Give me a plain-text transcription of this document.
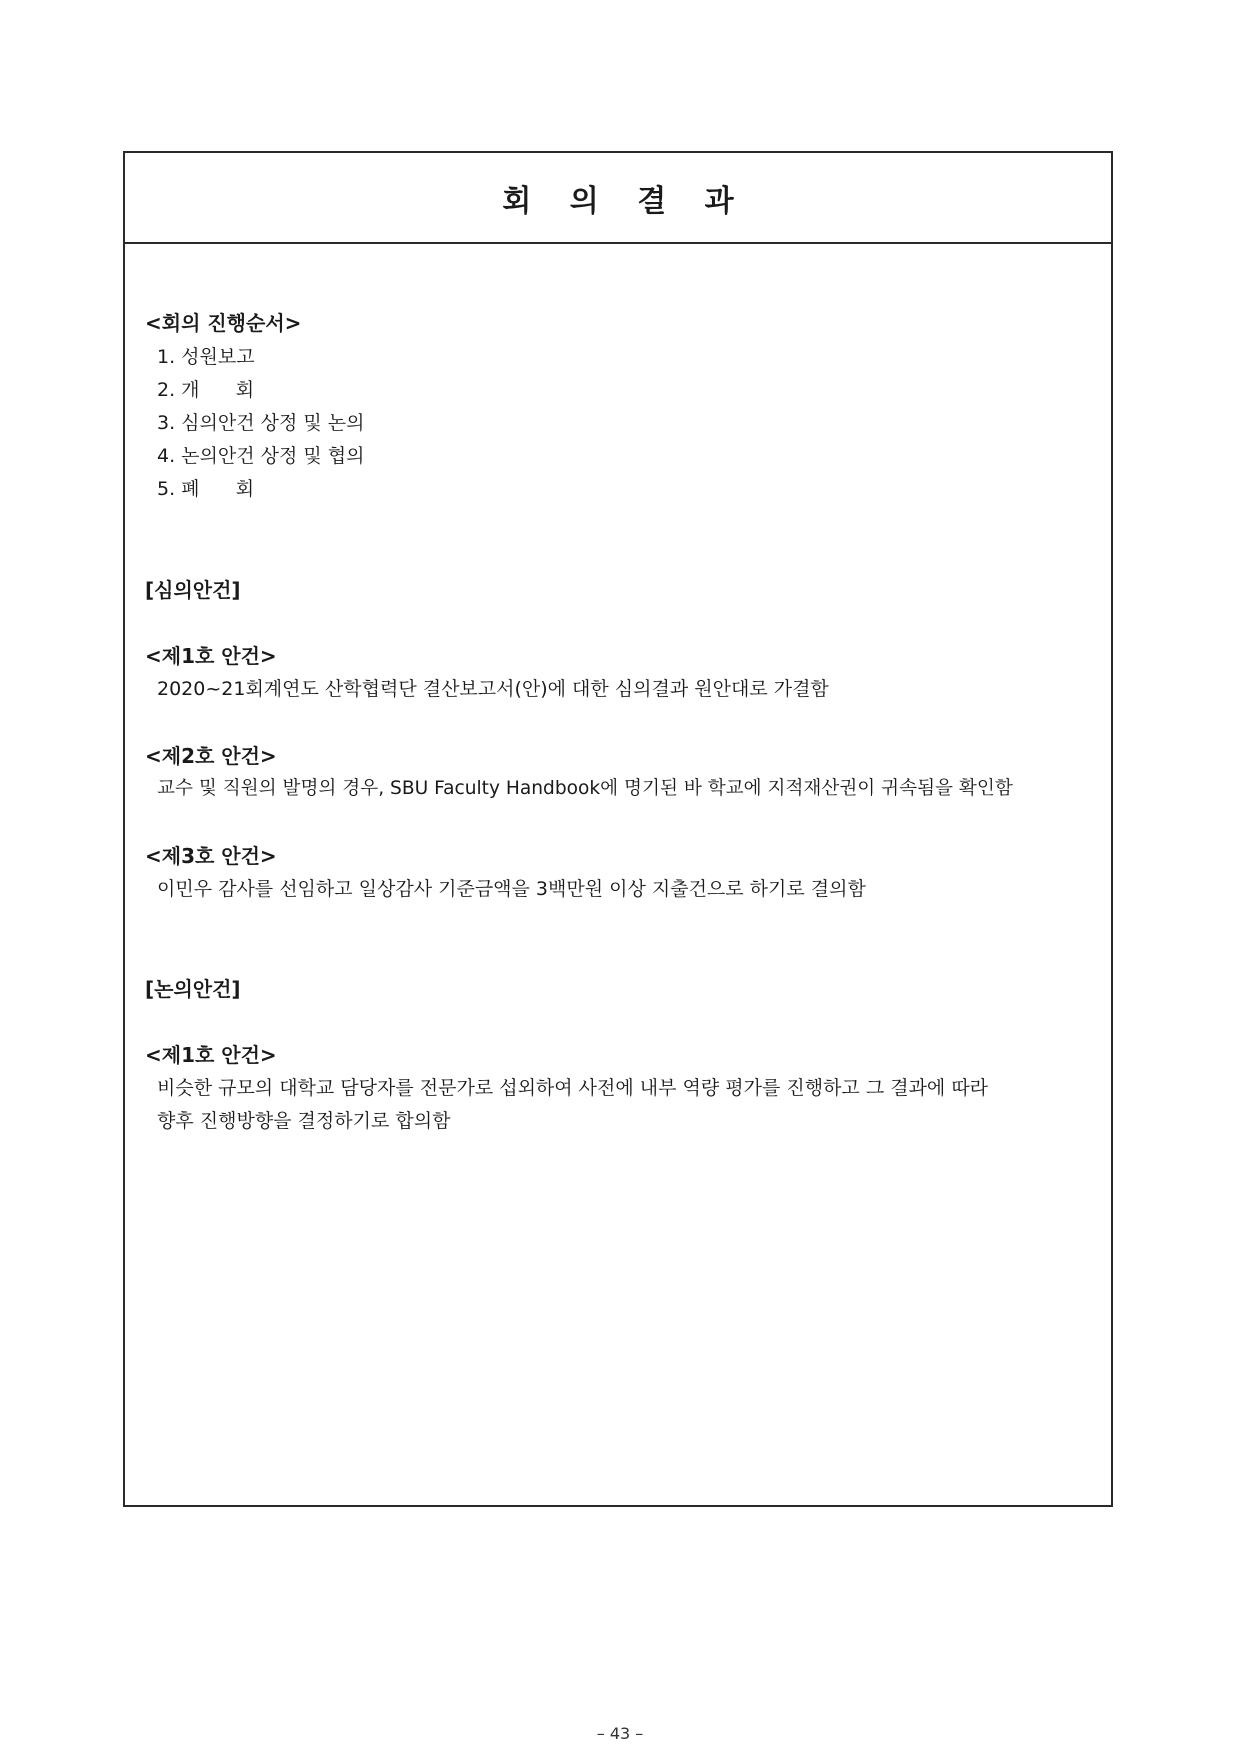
회 의 결 과
<회의 진행순서>
1. 성원보고
2. 개      회
3. 심의안건 상정 및 논의
4. 논의안건 상정 및 협의
5. 폐      회
[심의안건]
<제1호 안건>
2020~21회계연도 산학협력단 결산보고서(안)에 대한 심의결과 원안대로 가결함
<제2호 안건>
교수 및 직원의 발명의 경우, SBU Faculty Handbook에 명기된 바 학교에 지적재산권이 귀속됨을 확인함
<제3호 안건>
이민우 감사를 선임하고 일상감사 기준금액을 3백만원 이상 지출건으로 하기로 결의함
[논의안건]
<제1호 안건>
비슷한 규모의 대학교 담당자를 전문가로 섭외하여 사전에 내부 역량 평가를 진행하고 그 결과에 따라
향후 진행방향을 결정하기로 합의함
– 43 –
